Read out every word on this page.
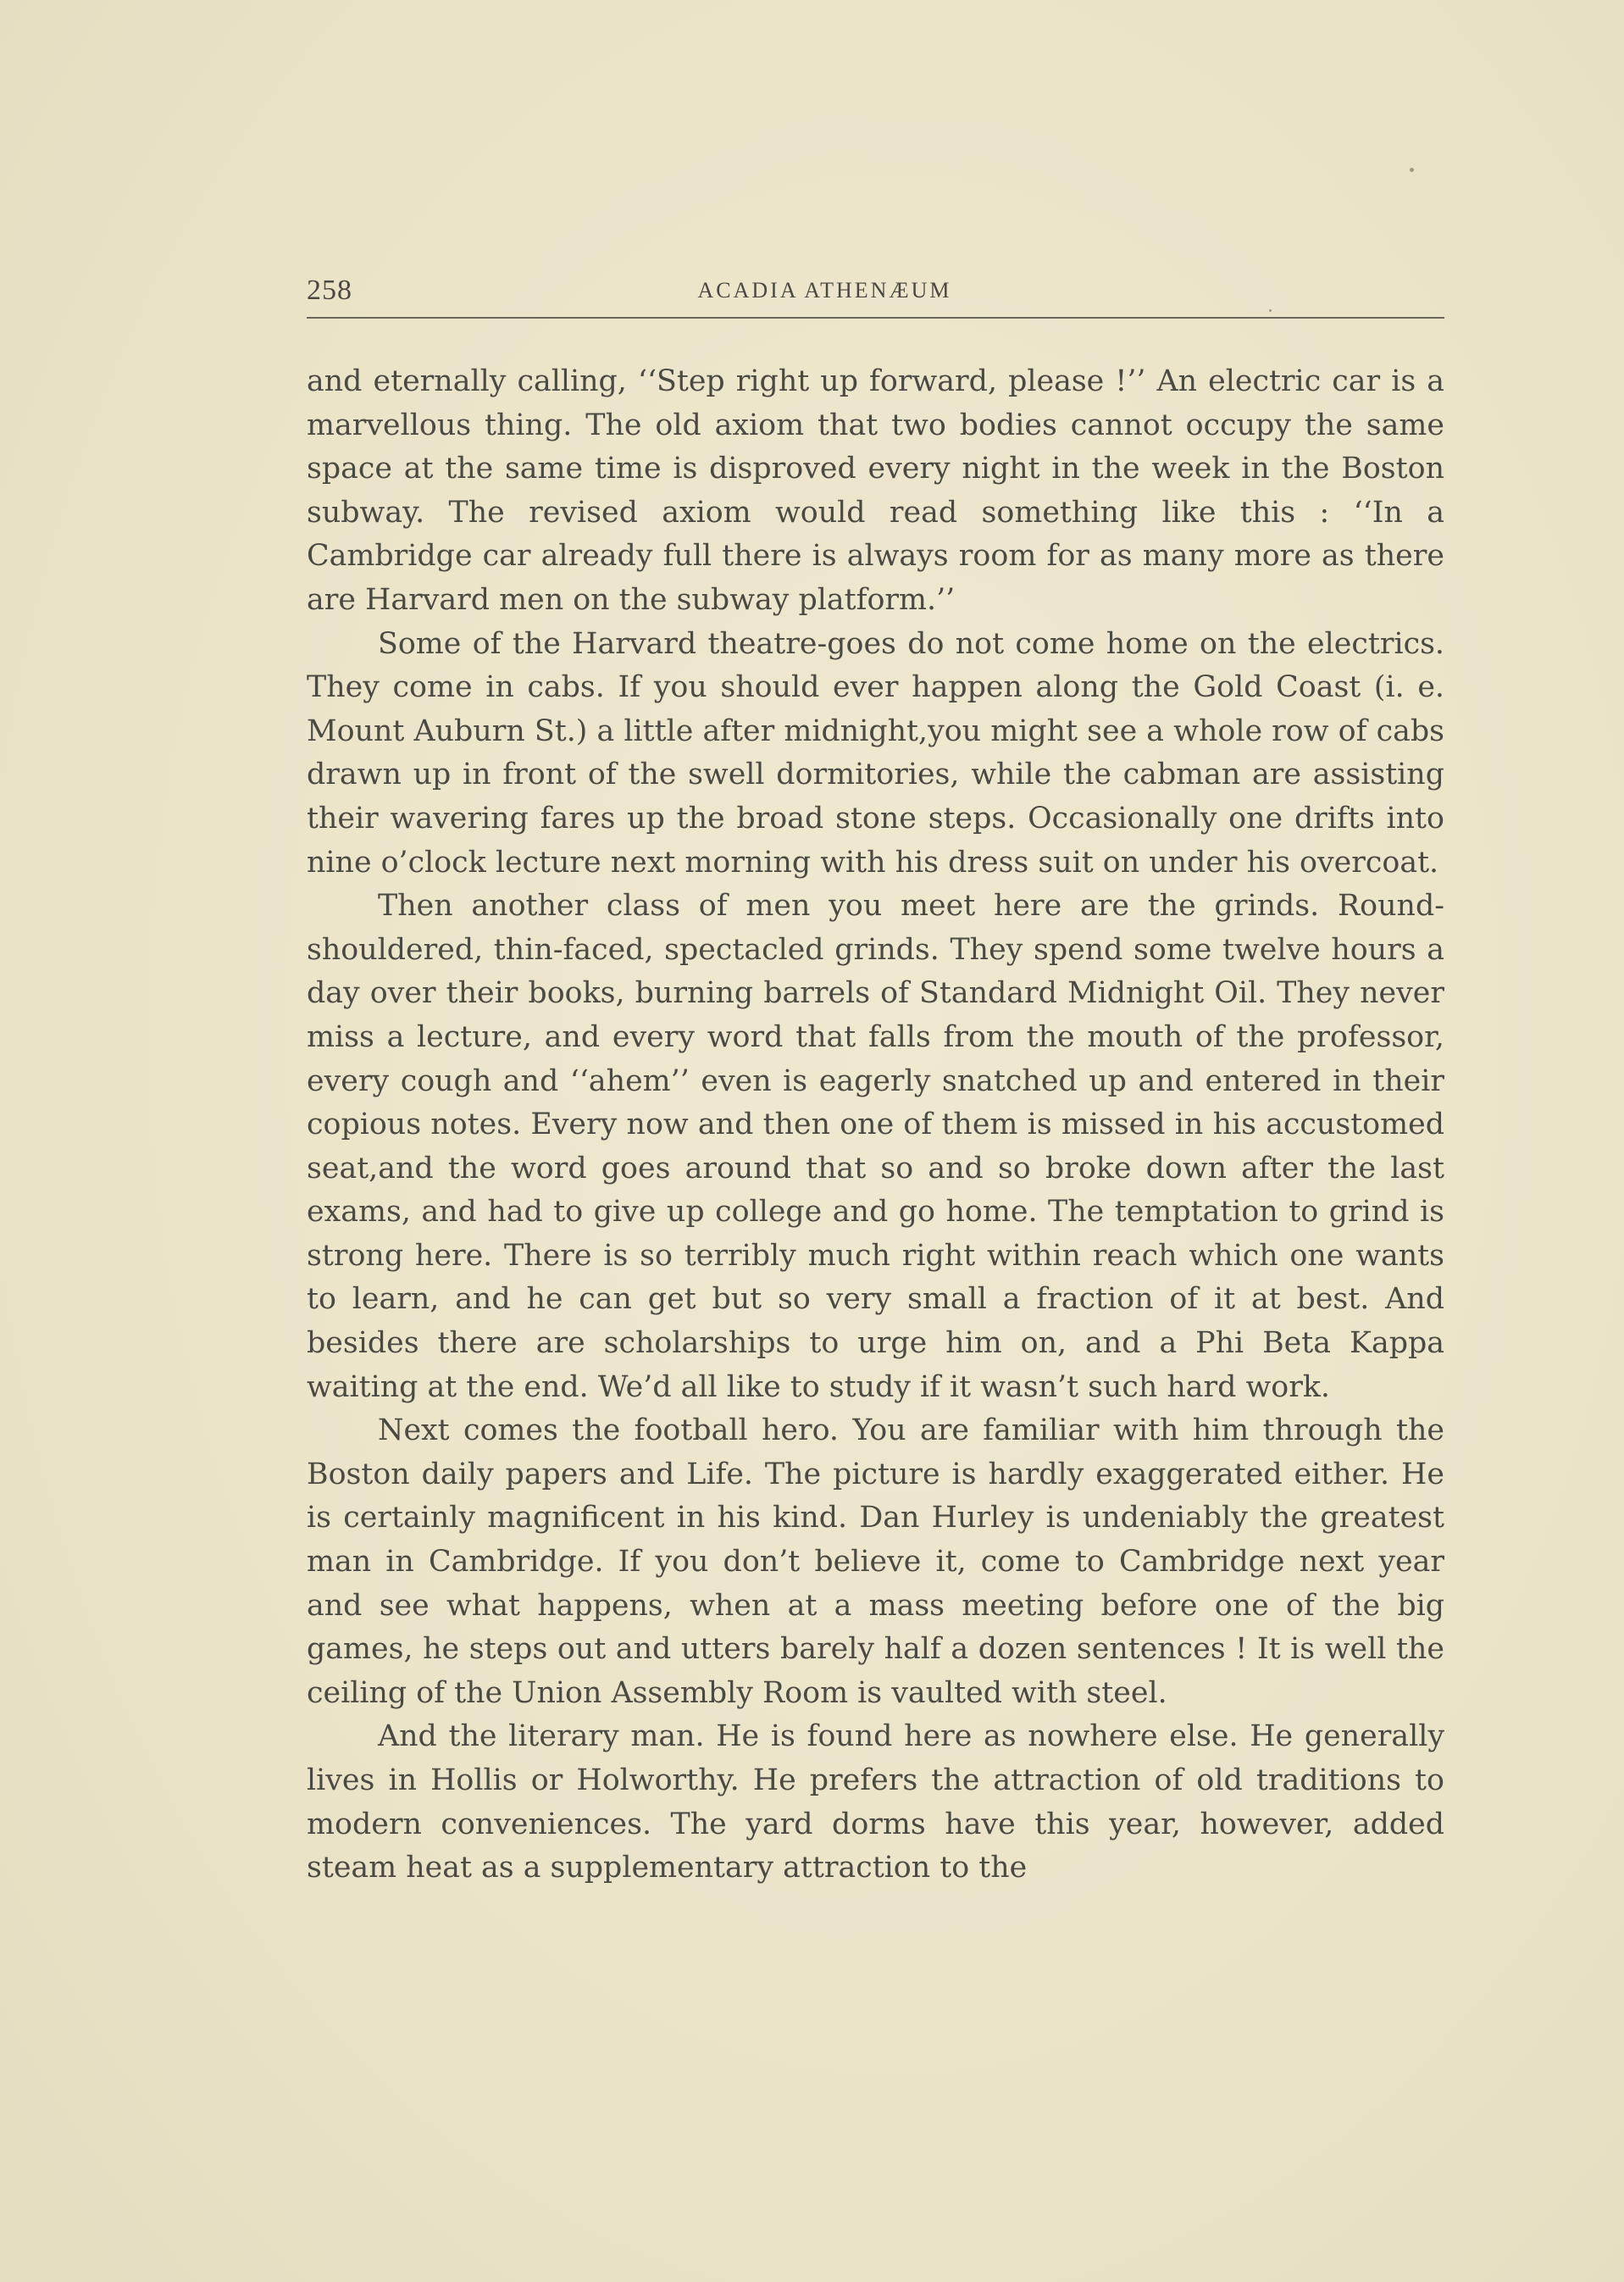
258	ACADIA ATHENÆUM

and eternally calling, ‘‘Step right up forward, please !’’ An electric car is a marvellous thing. The old axiom that two bodies cannot occupy the same space at the same time is disproved every night in the week in the Boston subway. The revised axiom would read something like this : ‘‘In a Cambridge car already full there is always room for as many more as there are Harvard men on the subway platform.’’

Some of the Harvard theatre-goes do not come home on the electrics. They come in cabs. If you should ever happen along the Gold Coast (i. e. Mount Auburn St.) a little after midnight,you might see a whole row of cabs drawn up in front of the swell dormitories, while the cabman are assisting their wavering fares up the broad stone steps. Occasionally one drifts into nine o’clock lecture next morning with his dress suit on under his overcoat.

Then another class of men you meet here are the grinds. Round-shouldered, thin-faced, spectacled grinds. They spend some twelve hours a day over their books, burning barrels of Standard Midnight Oil. They never miss a lecture, and every word that falls from the mouth of the professor, every cough and ‘‘ahem’’ even is eagerly snatched up and entered in their copious notes. Every now and then one of them is missed in his accustomed seat,and the word goes around that so and so broke down after the last exams, and had to give up college and go home. The temptation to grind is strong here. There is so terribly much right within reach which one wants to learn, and he can get but so very small a fraction of it at best. And besides there are scholarships to urge him on, and a Phi Beta Kappa waiting at the end. We’d all like to study if it wasn’t such hard work.

Next comes the football hero. You are familiar with him through the Boston daily papers and Life. The picture is hardly exaggerated either. He is certainly magnificent in his kind. Dan Hurley is undeniably the greatest man in Cambridge. If you don’t believe it, come to Cambridge next year and see what happens, when at a mass meeting before one of the big games, he steps out and utters barely half a dozen sentences ! It is well the ceiling of the Union Assembly Room is vaulted with steel.

And the literary man. He is found here as nowhere else. He generally lives in Hollis or Holworthy. He prefers the attraction of old traditions to modern conveniences. The yard dorms have this year, however, added steam heat as a supplementary attraction to the
